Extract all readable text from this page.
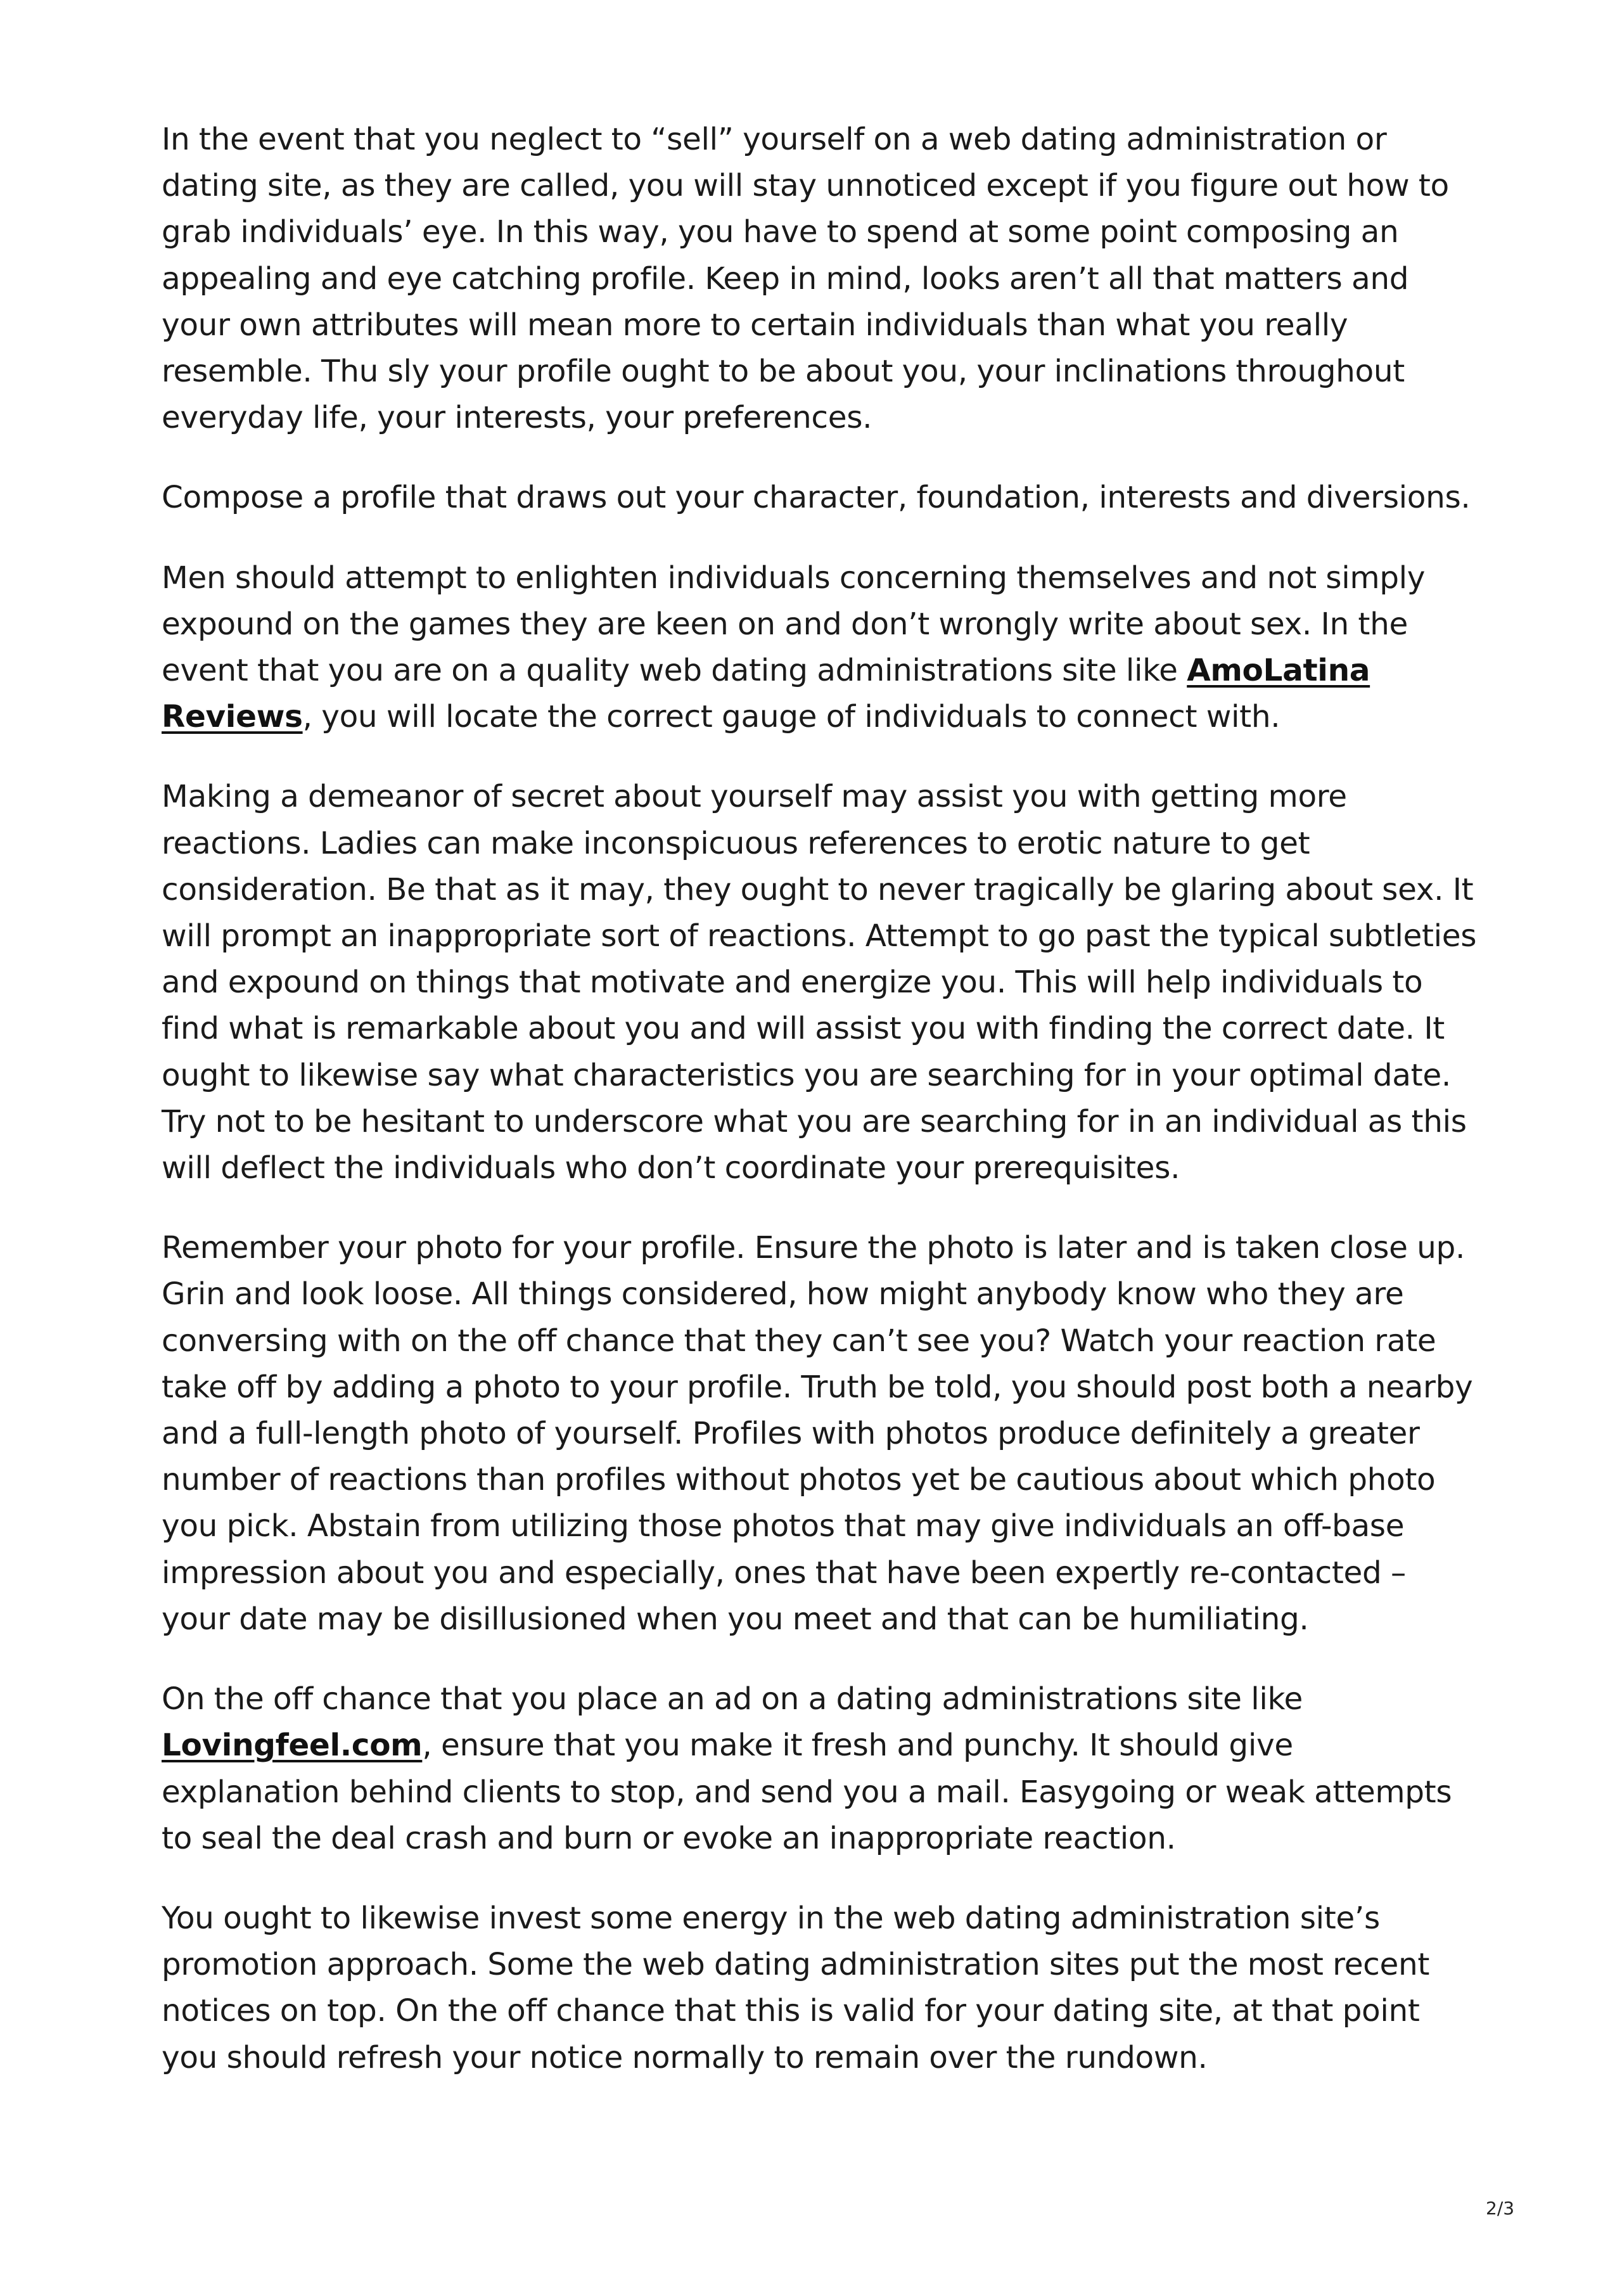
In the event that you neglect to “sell” yourself on a web dating administration or dating site, as they are called, you will stay unnoticed except if you figure out how to grab individuals’ eye. In this way, you have to spend at some point composing an appealing and eye catching profile. Keep in mind, looks aren’t all that matters and your own attributes will mean more to certain individuals than what you really resemble. Thu sly your profile ought to be about you, your inclinations throughout everyday life, your interests, your preferences.

Compose a profile that draws out your character, foundation, interests and diversions.

Men should attempt to enlighten individuals concerning themselves and not simply expound on the games they are keen on and don’t wrongly write about sex. In the event that you are on a quality web dating administrations site like AmoLatina Reviews, you will locate the correct gauge of individuals to connect with.

Making a demeanor of secret about yourself may assist you with getting more reactions. Ladies can make inconspicuous references to erotic nature to get consideration. Be that as it may, they ought to never tragically be glaring about sex. It will prompt an inappropriate sort of reactions. Attempt to go past the typical subtleties and expound on things that motivate and energize you. This will help individuals to find what is remarkable about you and will assist you with finding the correct date. It ought to likewise say what characteristics you are searching for in your optimal date. Try not to be hesitant to underscore what you are searching for in an individual as this will deflect the individuals who don’t coordinate your prerequisites.

Remember your photo for your profile. Ensure the photo is later and is taken close up. Grin and look loose. All things considered, how might anybody know who they are conversing with on the off chance that they can’t see you? Watch your reaction rate take off by adding a photo to your profile. Truth be told, you should post both a nearby and a full-length photo of yourself. Profiles with photos produce definitely a greater number of reactions than profiles without photos yet be cautious about which photo you pick. Abstain from utilizing those photos that may give individuals an off-base impression about you and especially, ones that have been expertly re-contacted – your date may be disillusioned when you meet and that can be humiliating.

On the off chance that you place an ad on a dating administrations site like Lovingfeel.com, ensure that you make it fresh and punchy. It should give explanation behind clients to stop, and send you a mail. Easygoing or weak attempts to seal the deal crash and burn or evoke an inappropriate reaction.

You ought to likewise invest some energy in the web dating administration site’s promotion approach. Some the web dating administration sites put the most recent notices on top. On the off chance that this is valid for your dating site, at that point you should refresh your notice normally to remain over the rundown.

2/3
